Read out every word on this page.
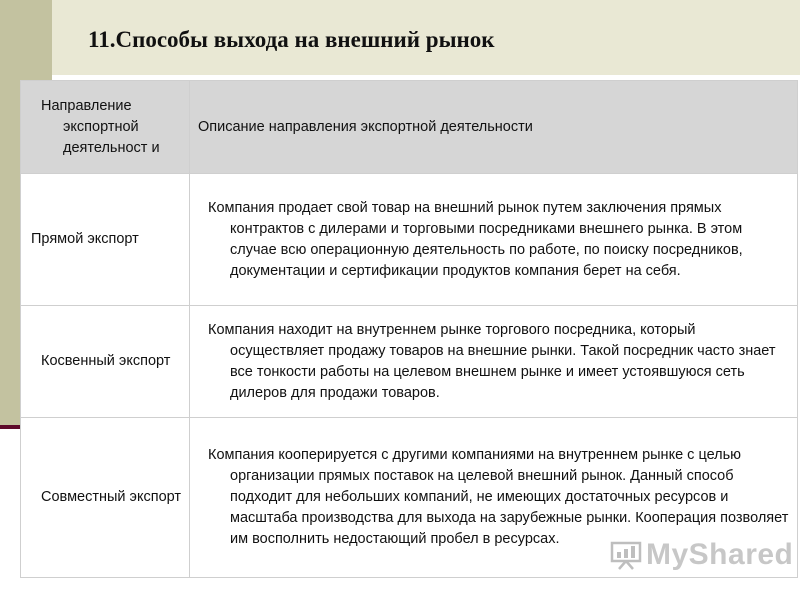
11.Способы выхода на внешний рынок
Направление экспортной деятельност и	Описание направления экспортной деятельности

Прямой экспорт	Компания продает свой товар на внешний рынок путем заключения прямых контрактов с дилерами и торговыми посредниками внешнего рынка. В этом случае всю операционную деятельность по работе, по поиску посредников, документации и сертификации продуктов компания берет на себя.

Косвенный экспорт	Компания находит на внутреннем рынке торгового посредника, который осуществляет продажу товаров на внешние рынки. Такой посредник часто знает все тонкости работы на целевом внешнем рынке и имеет устоявшуюся сеть дилеров для продажи товаров.

Совместный экспорт	Компания кооперируется с другими компаниями на внутреннем рынке с целью организации прямых поставок на целевой внешний рынок. Данный способ подходит для небольших компаний, не имеющих достаточных ресурсов и масштаба производства для выхода на зарубежные рынки. Кооперация позволяет им восполнить недостающий пробел в ресурсах.	MyShared
